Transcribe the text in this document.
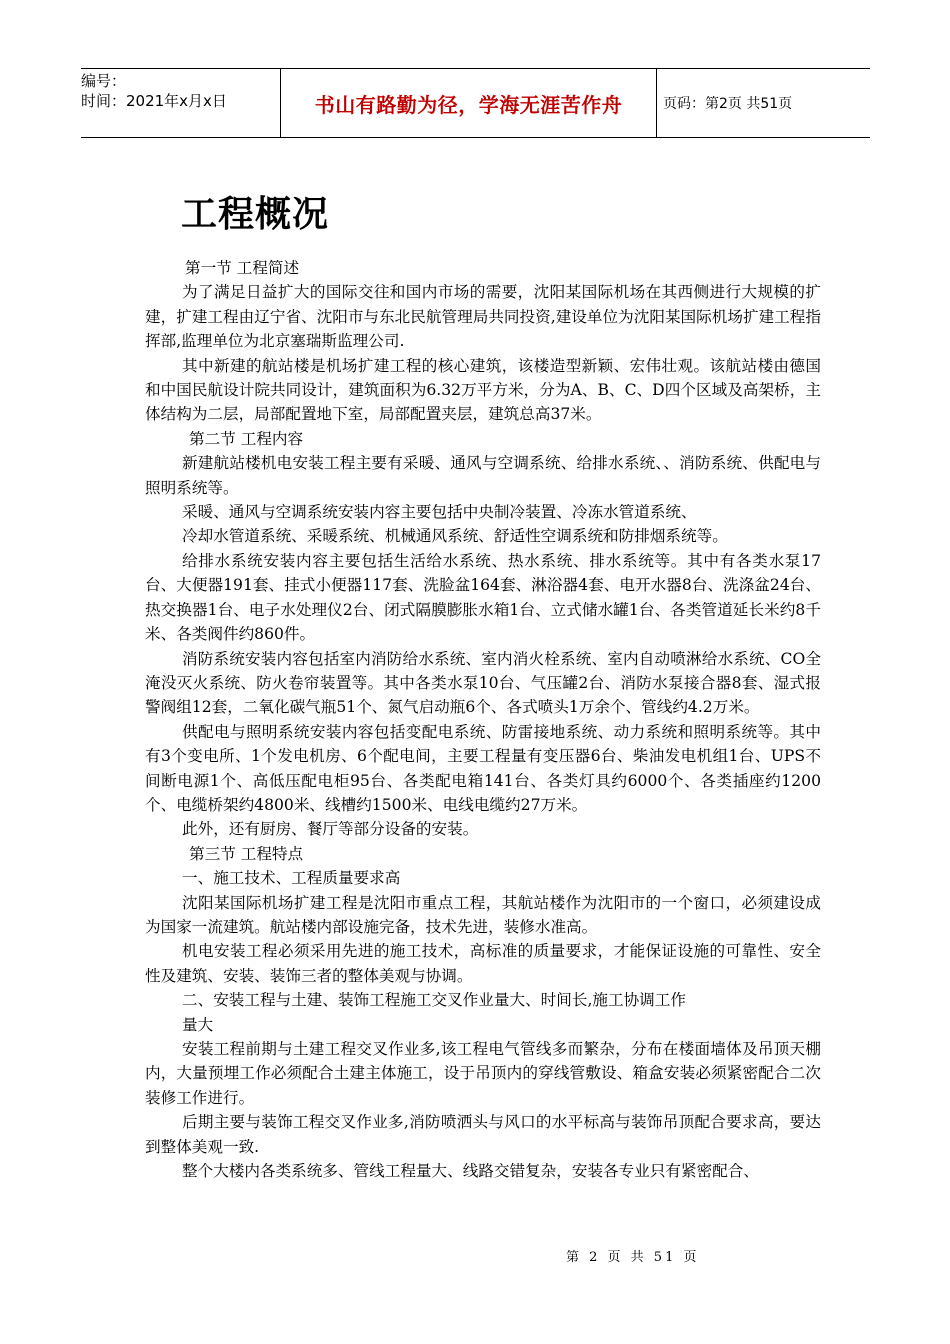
编号：
时间：2021年x月x日	书山有路勤为径，学海无涯苦作舟	页码：第2页 共51页
工程概况

第一节 工程简述

为了满足日益扩大的国际交往和国内市场的需要，沈阳某国际机场在其西侧进行大规模的扩建，扩建工程由辽宁省、沈阳市与东北民航管理局共同投资,建设单位为沈阳某国际机场扩建工程指挥部,监理单位为北京塞瑞斯监理公司.

其中新建的航站楼是机场扩建工程的核心建筑，该楼造型新颖、宏伟壮观。该航站楼由德国和中国民航设计院共同设计，建筑面积为6.32万平方米，分为A、B、C、D四个区域及高架桥，主体结构为二层，局部配置地下室，局部配置夹层，建筑总高37米。

第二节 工程内容

新建航站楼机电安装工程主要有采暖、通风与空调系统、给排水系统、、消防系统、供配电与照明系统等。

采暖、通风与空调系统安装内容主要包括中央制冷装置、冷冻水管道系统、

冷却水管道系统、采暖系统、机械通风系统、舒适性空调系统和防排烟系统等。

给排水系统安装内容主要包括生活给水系统、热水系统、排水系统等。其中有各类水泵17台、大便器191套、挂式小便器117套、洗脸盆164套、淋浴器4套、电开水器8台、洗涤盆24台、热交换器1台、电子水处理仪2台、闭式隔膜膨胀水箱1台、立式储水罐1台、各类管道延长米约8千米、各类阀件约860件。

消防系统安装内容包括室内消防给水系统、室内消火栓系统、室内自动喷淋给水系统、CO全淹没灭火系统、防火卷帘装置等。其中各类水泵10台、气压罐2台、消防水泵接合器8套、湿式报警阀组12套，二氧化碳气瓶51个、氮气启动瓶6个、各式喷头1万余个、管线约4.2万米。

供配电与照明系统安装内容包括变配电系统、防雷接地系统、动力系统和照明系统等。其中有3个变电所、1个发电机房、6个配电间，主要工程量有变压器6台、柴油发电机组1台、UPS不间断电源1个、高低压配电柜95台、各类配电箱141台、各类灯具约6000个、各类插座约1200个、电缆桥架约4800米、线槽约1500米、电线电缆约27万米。

此外，还有厨房、餐厅等部分设备的安装。

第三节 工程特点

一、施工技术、工程质量要求高

沈阳某国际机场扩建工程是沈阳市重点工程，其航站楼作为沈阳市的一个窗口，必须建设成为国家一流建筑。航站楼内部设施完备，技术先进，装修水准高。

机电安装工程必须采用先进的施工技术，高标准的质量要求，才能保证设施的可靠性、安全性及建筑、安装、装饰三者的整体美观与协调。

二、安装工程与土建、装饰工程施工交叉作业量大、时间长,施工协调工作

量大

安装工程前期与土建工程交叉作业多,该工程电气管线多而繁杂，分布在楼面墙体及吊顶天棚内，大量预埋工作必须配合土建主体施工，设于吊顶内的穿线管敷设、箱盒安装必须紧密配合二次装修工作进行。

后期主要与装饰工程交叉作业多,消防喷洒头与风口的水平标高与装饰吊顶配合要求高，要达到整体美观一致.

整个大楼内各类系统多、管线工程量大、线路交错复杂，安装各专业只有紧密配合、

第 2 页 共 51 页
